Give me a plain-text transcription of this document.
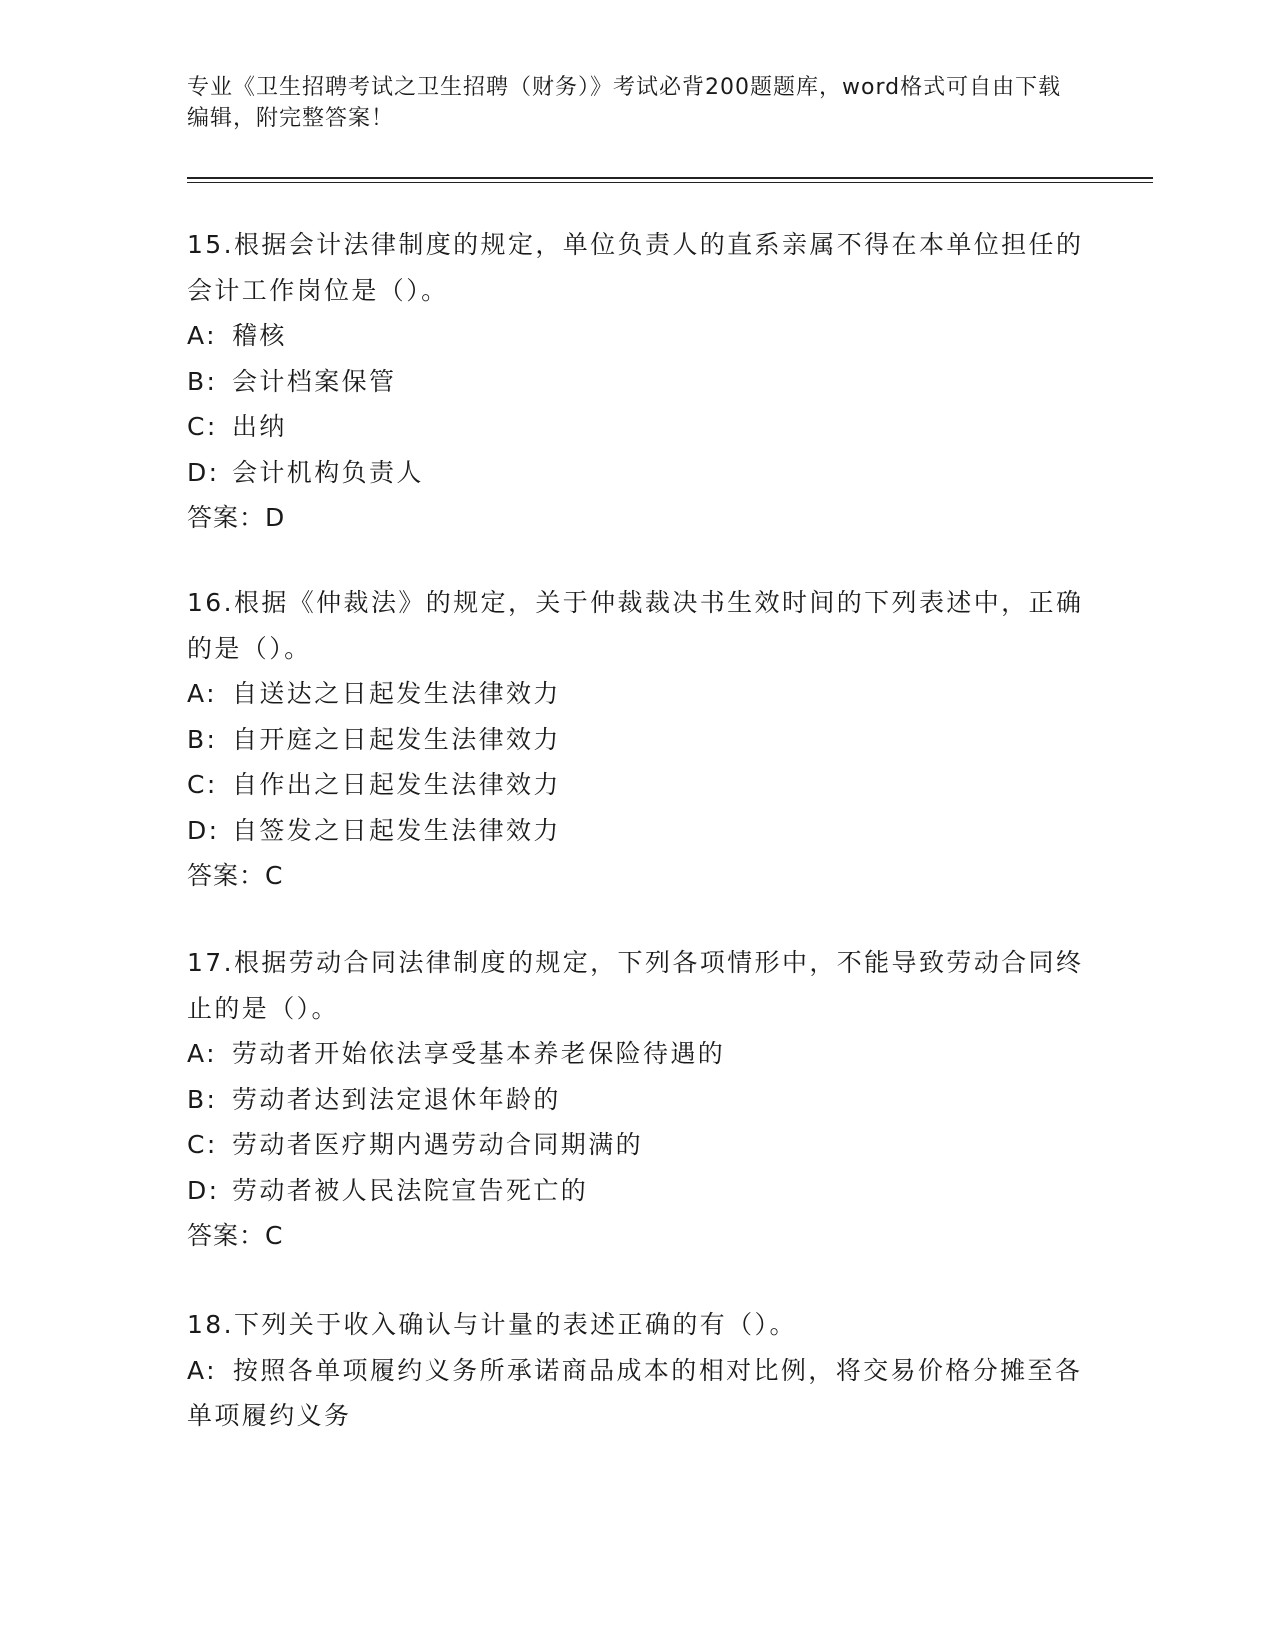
专业《卫生招聘考试之卫生招聘（财务）》考试必背200题题库，word格式可自由下载编辑，附完整答案！
15.根据会计法律制度的规定，单位负责人的直系亲属不得在本单位担任的会计工作岗位是（）。
A: 稽核
B: 会计档案保管
C: 出纳
D: 会计机构负责人
答案：D
16.根据《仲裁法》的规定，关于仲裁裁决书生效时间的下列表述中，正确的是（）。
A: 自送达之日起发生法律效力
B: 自开庭之日起发生法律效力
C: 自作出之日起发生法律效力
D: 自签发之日起发生法律效力
答案：C
17.根据劳动合同法律制度的规定，下列各项情形中，不能导致劳动合同终止的是（）。
A: 劳动者开始依法享受基本养老保险待遇的
B: 劳动者达到法定退休年龄的
C: 劳动者医疗期内遇劳动合同期满的
D: 劳动者被人民法院宣告死亡的
答案：C
18.下列关于收入确认与计量的表述正确的有（）。
A: 按照各单项履约义务所承诺商品成本的相对比例，将交易价格分摊至各单项履约义务
